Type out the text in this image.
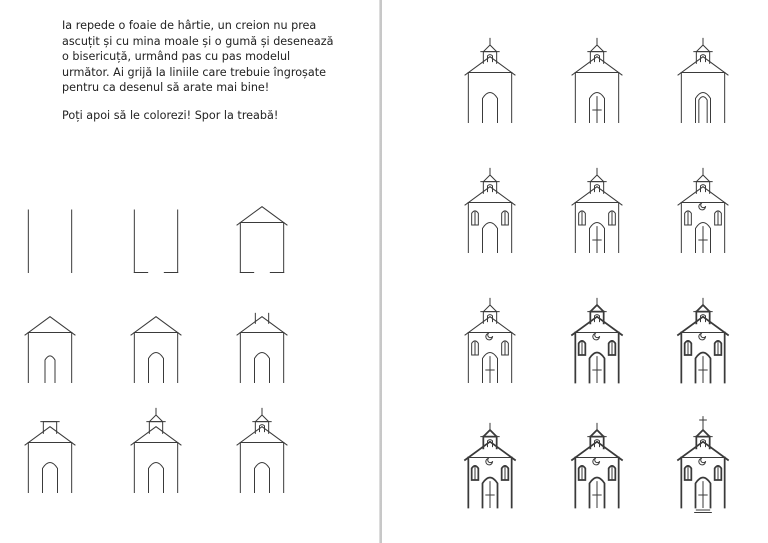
Ia repede o foaie de hârtie, un creion nu prea ascuțit și cu mina moale și o gumă și desenează o bisericuță, urmând pas cu pas modelul următor. Ai grijă la liniile care trebuie îngroșate pentru ca desenul să arate mai bine!

Poți apoi să le colorezi! Spor la treabă!
